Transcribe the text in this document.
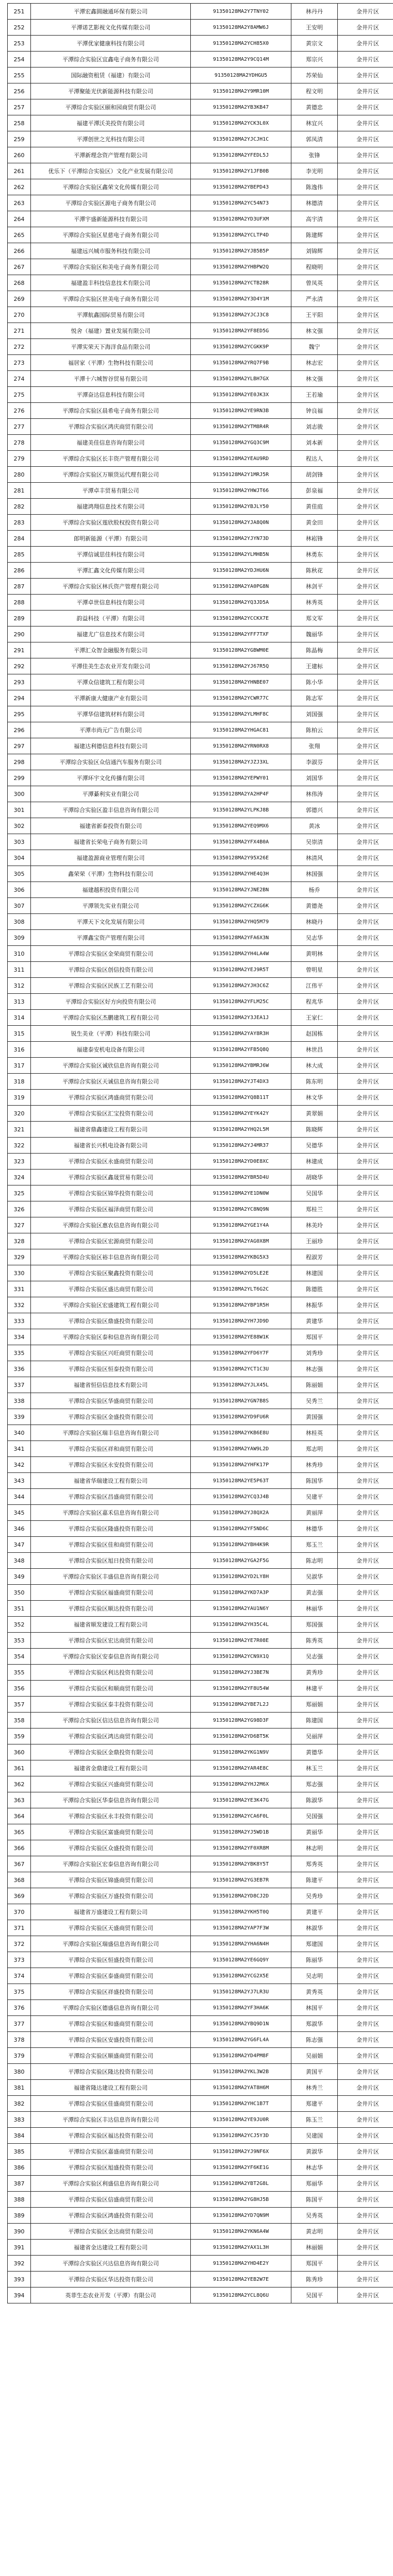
251	平潭宏鑫圆融通环保有限公司	91350128MA2Y7TNY02	林丹丹	金井片区
252	平潭诺艺影视文化传媒有限公司	91350128MA2Y8AMW6J	王安明	金井片区
253	平潭优家健康科技有限公司	91350128MA2YCH85X0	黄宗文	金井片区
254	平潭综合实验区宜鑫电子商务有限公司	91350128MA2Y9CQ14M	郑宗兴	金井片区
255	国际融资租赁（福建）有限公司	91350128MA2YDHGU5	苏荣仙	金井片区
256	平潭聚能光伏新能源科技有限公司	91350128MA2Y9MR10M	程文明	金井片区
257	平潭综合实验区颐和园商贸有限公司	91350128MA2YB3KB47	黄德忠	金井片区
258	福建平潭沃美投资有限公司	91350128MA2YCK3L0X	林宜兴	金井片区
259	平潭创世之光科技有限公司	91350128MA2YJCJH1C	郭凤清	金井片区
260	平潭新理念资产管理有限公司	91350128MA2YFEDL5J	张锋	金井片区
261	优乐下（平潭综合实验区）文化产业发展有限公司	91350128MA2Y1JFB0B	李光明	金井片区
262	平潭综合实验区鑫荣文化传媒有限公司	91350128MA2YBEPD43	陈逸伟	金井片区
263	平潭综合实验区源电子商务有限公司	91350128MA2YC54N73	林德清	金井片区
264	平潭宇盛新能源科技有限公司	91350128MA2YD3UFXM	高宇清	金井片区
265	平潭综合实验区星慈电子商务有限公司	91350128MA2YCLTP4D	陈建辉	金井片区
266	福建远兴城市服务科技有限公司	91350128MA2YJB5B5P	刘锦辉	金井片区
267	平潭综合实验区和美电子商务有限公司	91350128MA2YHBPW2Q	程晓明	金井片区
268	福建盈丰科技信息技术有限公司	91350128MA2YCTB28R	曾凤英	金井片区
269	平潭综合实验区世美电子商务有限公司	91350128MA2Y3D4Y1M	严永清	金井片区
270	平潭航鑫国际贸易有限公司	91350128MA2YJCJ3C8	王平阳	金井片区
271	悦舍（福建）置业发展有限公司	91350128MA2YF8ED5G	林文强	金井片区
272	平潭实荣天下海洋食品有限公司	91350128MA2YCGKK9P	魏宁	金井片区
273	福居家（平潭）生物科技有限公司	91350128MA2YRQ7F9B	林志宏	金井片区
274	平潭十六城智谷贸易有限公司	91350128MA2YLBH7GX	林文强	金井片区
275	平潭奋达信息科技有限公司	91350128MA2YE0JK3X	王若瑜	金井片区
276	平潭综合实验区晨希电子商务有限公司	91350128MA2YE9RN3B	钟良福	金井片区
277	平潭综合实验区鸿庆商贸有限公司	91350128MA2YTM8R4R	刘志骏	金井片区
278	福建美佳信息咨询有限公司	91350128MA2YGQ3C9M	刘本新	金井片区
279	平潭综合实验区长丰资产管理有限公司	91350128MA2YEAU9RD	程达人	金井片区
280	平潭综合实验区万顺货运代理有限公司	91350128MA2Y1MRJ5R	胡剑锋	金井片区
281	平潭卓丰贸易有限公司	91350128MA2YHWJT66	彭泉福	金井片区
282	福建鸿翔信息技术有限公司	91350128MA2YBJLY50	黄佳庭	金井片区
283	平潭综合实验区莲欣股权投资有限公司	91350128MA2YJA8Q0N	黄金田	金井片区
284	郎明新能源（平潭）有限公司	91350128MA2YJYN73D	林崧锋	金井片区
285	平潭信诚思佳科技有限公司	91350128MA2YLMHB5N	林勇东	金井片区
286	平潭汇鑫文化传媒有限公司	91350128MA2YDJHU6N	陈秋花	金井片区
287	平潭综合实验区林氏资产管理有限公司	91350128MA2YA0PG8N	林剑平	金井片区
288	平潭卓世信息科技有限公司	91350128MA2YQ3JD5A	林秀英	金井片区
289	韵益科技（平潭）有限公司	91350128MA2YCCKX7E	郑文军	金井片区
290	福建尤广信息技术有限公司	91350128MA2YFF7TXF	魏丽华	金井片区
291	平潭汇众智金融服务有限公司	91350128MA2YGBWM0E	陈晶梅	金井片区
292	平潭佳美生态农业开发有限公司	91350128MA2YJ67R5Q	王建标	金井片区
293	平潭众信建筑工程有限公司	91350128MA2YHNBE07	陈小华	金井片区
294	平潭新康大健康产业有限公司	91350128MA2YCWR77C	陈志军	金井片区
295	平潭华信建筑材料有限公司	91350128MA2YLMHF8C	刘国强	金井片区
296	平潭市尚元广告有限公司	91350128MA2YHGAC81	陈柏云	金井片区
297	福建达利德信息科技有限公司	91350128MA2YRN0RX8	张翔	金井片区
298	平潭综合实验区众信通汽车服务有限公司	91350128MA2YJZJ3XL	李淑芬	金井片区
299	平潭环宇文化传播有限公司	91350128MA2YEPWY01	刘国华	金井片区
300	平潭綦利实业有限公司	91350128MA2YA2HP4F	林伟涛	金井片区
301	平潭综合实验区盈丰信息咨询有限公司	91350128MA2YLPKJ8B	郭德兴	金井片区
302	福建省新泰投资有限公司	91350128MA2YEQ9MX6	黄冰	金井片区
303	福建省长荣电子商务有限公司	91350128MA2YFX4B0A	吴崇清	金井片区
304	福建盈源商业管理有限公司	91350128MA2Y95X26E	林清风	金井片区
305	鑫荣荣（平潭）生物科技有限公司	91350128MA2YHE4Q3H	林国强	金井片区
306	福建越积投资有限公司	91350128MA2YJNE2BN	杨乔	金井片区
307	平潭领先实业有限公司	91350128MA2YCZXG6K	黄德尧	金井片区
308	平潭天下文化发展有限公司	91350128MA2YHQ5M79	林晓丹	金井片区
309	平潭鑫宝资产管理有限公司	91350128MA2YFA6X3N	吴志华	金井片区
310	平潭综合实验区金荣商贸有限公司	91350128MA2YH4LA4W	黄明林	金井片区
311	平潭综合实验区创信投资有限公司	91350128MA2YEJ9R5T	曾明星	金井片区
312	平潭综合实验区民族工艺有限公司	91350128MA2YJH3C6Z	江伟平	金井片区
313	平潭综合实验区好方向投资有限公司	91350128MA2YFLM25C	程兆华	金井片区
314	平潭综合实验区杰鹏建筑工程有限公司	91350128MA2Y3JEA1J	王家仁	金井片区
315	锐生美业（平潭）科技有限公司	91350128MA2YAY8R3H	赵国栋	金井片区
316	福建泰安机电设备有限公司	91350128MA2YFB5Q8Q	林世昌	金井片区
317	平潭综合实验区诚欣信息咨询有限公司	91350128MA2YBMRJ6W	林大成	金井片区
318	平潭综合实验区天诚信息咨询有限公司	91350128MA2YJT4DX3	陈东明	金井片区
319	平潭综合实验区鸿盛商贸有限公司	91350128MA2YQ8B11T	林文华	金井片区
320	平潭综合实验区汇宝投资有限公司	91350128MA2YEYK42Y	黄翠娟	金井片区
321	福建省鼎鑫建设工程有限公司	91350128MA2YHQ2L5M	陈晓辉	金井片区
322	福建省长兴机电设备有限公司	91350128MA2YJ4MR37	吴德华	金井片区
323	平潭综合实验区永盛商贸有限公司	91350128MA2YD0E8XC	林建成	金井片区
324	平潭综合实验区鑫晟贸易有限公司	91350128MA2YBR5D4U	胡晓华	金井片区
325	平潭综合实验区锦华投资有限公司	91350128MA2YE1DN0W	吴国华	金井片区
326	平潭综合实验区福泽商贸有限公司	91350128MA2YC8NQ9N	郑桂兰	金井片区
327	平潭综合实验区惠农信息咨询有限公司	91350128MA2YGE1Y4A	林美玲	金井片区
328	平潭综合实验区宏源商贸有限公司	91350128MA2YAG0X8M	王丽珍	金井片区
329	平潭综合实验区裕丰信息咨询有限公司	91350128MA2YKBG5X3	程淑芳	金井片区
330	平潭综合实验区聚鑫投资有限公司	91350128MA2YD5LE2E	林建国	金井片区
331	平潭综合实验区盛达商贸有限公司	91350128MA2YLT6G2C	陈德胜	金井片区
332	平潭综合实验区宏盛建筑工程有限公司	91350128MA2YBP1R5H	林振华	金井片区
333	平潭综合实验区鼎盛投资有限公司	91350128MA2YH7JD9D	黄建华	金井片区
334	平潭综合实验区泰和信息咨询有限公司	91350128MA2YE88W1K	郑国平	金井片区
335	平潭综合实验区兴旺商贸有限公司	91350128MA2YFD6Y7F	刘秀珍	金井片区
336	平潭综合实验区恒泰投资有限公司	91350128MA2YCT1C3U	林志强	金井片区
337	福建省恒信信息技术有限公司	91350128MA2YJLX45L	陈丽娟	金井片区
338	平潭综合实验区华盛商贸有限公司	91350128MA2YGN7B8S	吴秀兰	金井片区
339	平潭综合实验区金盛投资有限公司	91350128MA2YD9FU6R	黄国强	金井片区
340	平潭综合实验区瑞丰信息咨询有限公司	91350128MA2YKB6E8U	林桂英	金井片区
341	平潭综合实验区祥和商贸有限公司	91350128MA2YAW9L2D	郑志明	金井片区
342	平潭综合实验区永安投资有限公司	91350128MA2YHFK17P	林秀珍	金井片区
343	福建省华瑞建设工程有限公司	91350128MA2YE5P63T	陈国华	金井片区
344	平潭综合实验区昌盛商贸有限公司	91350128MA2YCQ3J4B	吴建平	金井片区
345	平潭综合实验区嘉禾信息咨询有限公司	91350128MA2YJ8QX2A	黄丽萍	金井片区
346	平潭综合实验区隆盛投资有限公司	91350128MA2YF5ND6C	林德华	金井片区
347	平潭综合实验区佳和商贸有限公司	91350128MA2YBH4K9R	郑玉兰	金井片区
348	平潭综合实验区旭日投资有限公司	91350128MA2YGA2F5G	陈志明	金井片区
349	平潭综合实验区丰盛信息咨询有限公司	91350128MA2YD2LY8H	吴淑华	金井片区
350	平潭综合实验区福盛商贸有限公司	91350128MA2YKD7A3P	黄志强	金井片区
351	平潭综合实验区顺达投资有限公司	91350128MA2YAU1N6Y	林丽华	金井片区
352	福建省顺发建设工程有限公司	91350128MA2YH35C4L	郑国强	金井片区
353	平潭综合实验区宏达商贸有限公司	91350128MA2YE7R08E	陈秀英	金井片区
354	平潭综合实验区安泰信息咨询有限公司	91350128MA2YCN9X1Q	吴志强	金井片区
355	平潭综合实验区利达投资有限公司	91350128MA2YJ3BE7N	黄秀珍	金井片区
356	平潭综合实验区和顺商贸有限公司	91350128MA2YF8U54W	林建平	金井片区
357	平潭综合实验区泰丰投资有限公司	91350128MA2YBE7L2J	郑丽娟	金井片区
358	平潭综合实验区信达信息咨询有限公司	91350128MA2YG98D3F	陈建国	金井片区
359	平潭综合实验区鸿达商贸有限公司	91350128MA2YD6BT5K	吴丽萍	金井片区
360	平潭综合实验区金鼎投资有限公司	91350128MA2YKG1N9V	黄德华	金井片区
361	福建省金鼎建设工程有限公司	91350128MA2YAR4E8C	林玉兰	金井片区
362	平潭综合实验区兴盛商贸有限公司	91350128MA2YHJ2M6X	郑志强	金井片区
363	平潭综合实验区华泰信息咨询有限公司	91350128MA2YE3K47G	陈淑华	金井片区
364	平潭综合实验区永丰投资有限公司	91350128MA2YCA6F0L	吴国强	金井片区
365	平潭综合实验区富盛商贸有限公司	91350128MA2YJ5WD1B	黄丽华	金井片区
366	平潭综合实验区众盛投资有限公司	91350128MA2YF0XR8M	林志明	金井片区
367	平潭综合实验区宏泰信息咨询有限公司	91350128MA2YBK8Y5T	郑秀英	金井片区
368	平潭综合实验区锦盛商贸有限公司	91350128MA2YG3EB7R	陈建平	金井片区
369	平潭综合实验区万盛投资有限公司	91350128MA2YD8CJ2D	吴秀珍	金井片区
370	福建省万盛建设工程有限公司	91350128MA2YKH5T0Q	黄建平	金井片区
371	平潭综合实验区天盛商贸有限公司	91350128MA2YAP7F3W	林淑华	金井片区
372	平潭综合实验区瑞盛信息咨询有限公司	91350128MA2YHA6N4H	郑建国	金井片区
373	平潭综合实验区恒盛投资有限公司	91350128MA2YE6GQ9Y	陈丽华	金井片区
374	平潭综合实验区泰盛商贸有限公司	91350128MA2YCG2X5E	吴志明	金井片区
375	平潭综合实验区祥盛投资有限公司	91350128MA2YJ7LR3U	黄秀英	金井片区
376	平潭综合实验区德盛信息咨询有限公司	91350128MA2YF3HA6K	林国平	金井片区
377	平潭综合实验区和盛商贸有限公司	91350128MA2YBQ9D1N	郑淑华	金井片区
378	平潭综合实验区安盛投资有限公司	91350128MA2YG6FL4A	陈志强	金井片区
379	平潭综合实验区顺盛商贸有限公司	91350128MA2YD4PM8F	吴丽娟	金井片区
380	平潭综合实验区隆达投资有限公司	91350128MA2YKL3W2B	黄国平	金井片区
381	福建省隆达建设工程有限公司	91350128MA2YAT8H6M	林秀兰	金井片区
382	平潭综合实验区佳盛商贸有限公司	91350128MA2YHC1B7T	郑建平	金井片区
383	平潭综合实验区丰达信息咨询有限公司	91350128MA2YE9JU0R	陈玉兰	金井片区
384	平潭综合实验区福达投资有限公司	91350128MA2YCJ5Y3D	吴建国	金井片区
385	平潭综合实验区嘉盛商贸有限公司	91350128MA2YJ9NF6X	黄淑华	金井片区
386	平潭综合实验区旭盛投资有限公司	91350128MA2YF6KE1G	林志华	金井片区
387	平潭综合实验区利盛信息咨询有限公司	91350128MA2YBT2G8L	郑丽华	金井片区
388	平潭综合实验区信盛商贸有限公司	91350128MA2YG8HJ5B	陈国平	金井片区
389	平潭综合实验区鸿盛投资有限公司	91350128MA2YD7QN9M	吴秀英	金井片区
390	平潭综合实验区金达商贸有限公司	91350128MA2YKN6A4W	黄志明	金井片区
391	福建省金达建设工程有限公司	91350128MA2YAX1L3H	林丽娟	金井片区
392	平潭综合实验区兴达信息咨询有限公司	91350128MA2YHD4E2Y	郑国平	金井片区
393	平潭综合实验区华达投资有限公司	91350128MA2YEB2W7E	陈秀珍	金井片区
394	英菲生态农业开发（平潭）有限公司	91350128MA2YCL8Q6U	吴国平	金井片区
